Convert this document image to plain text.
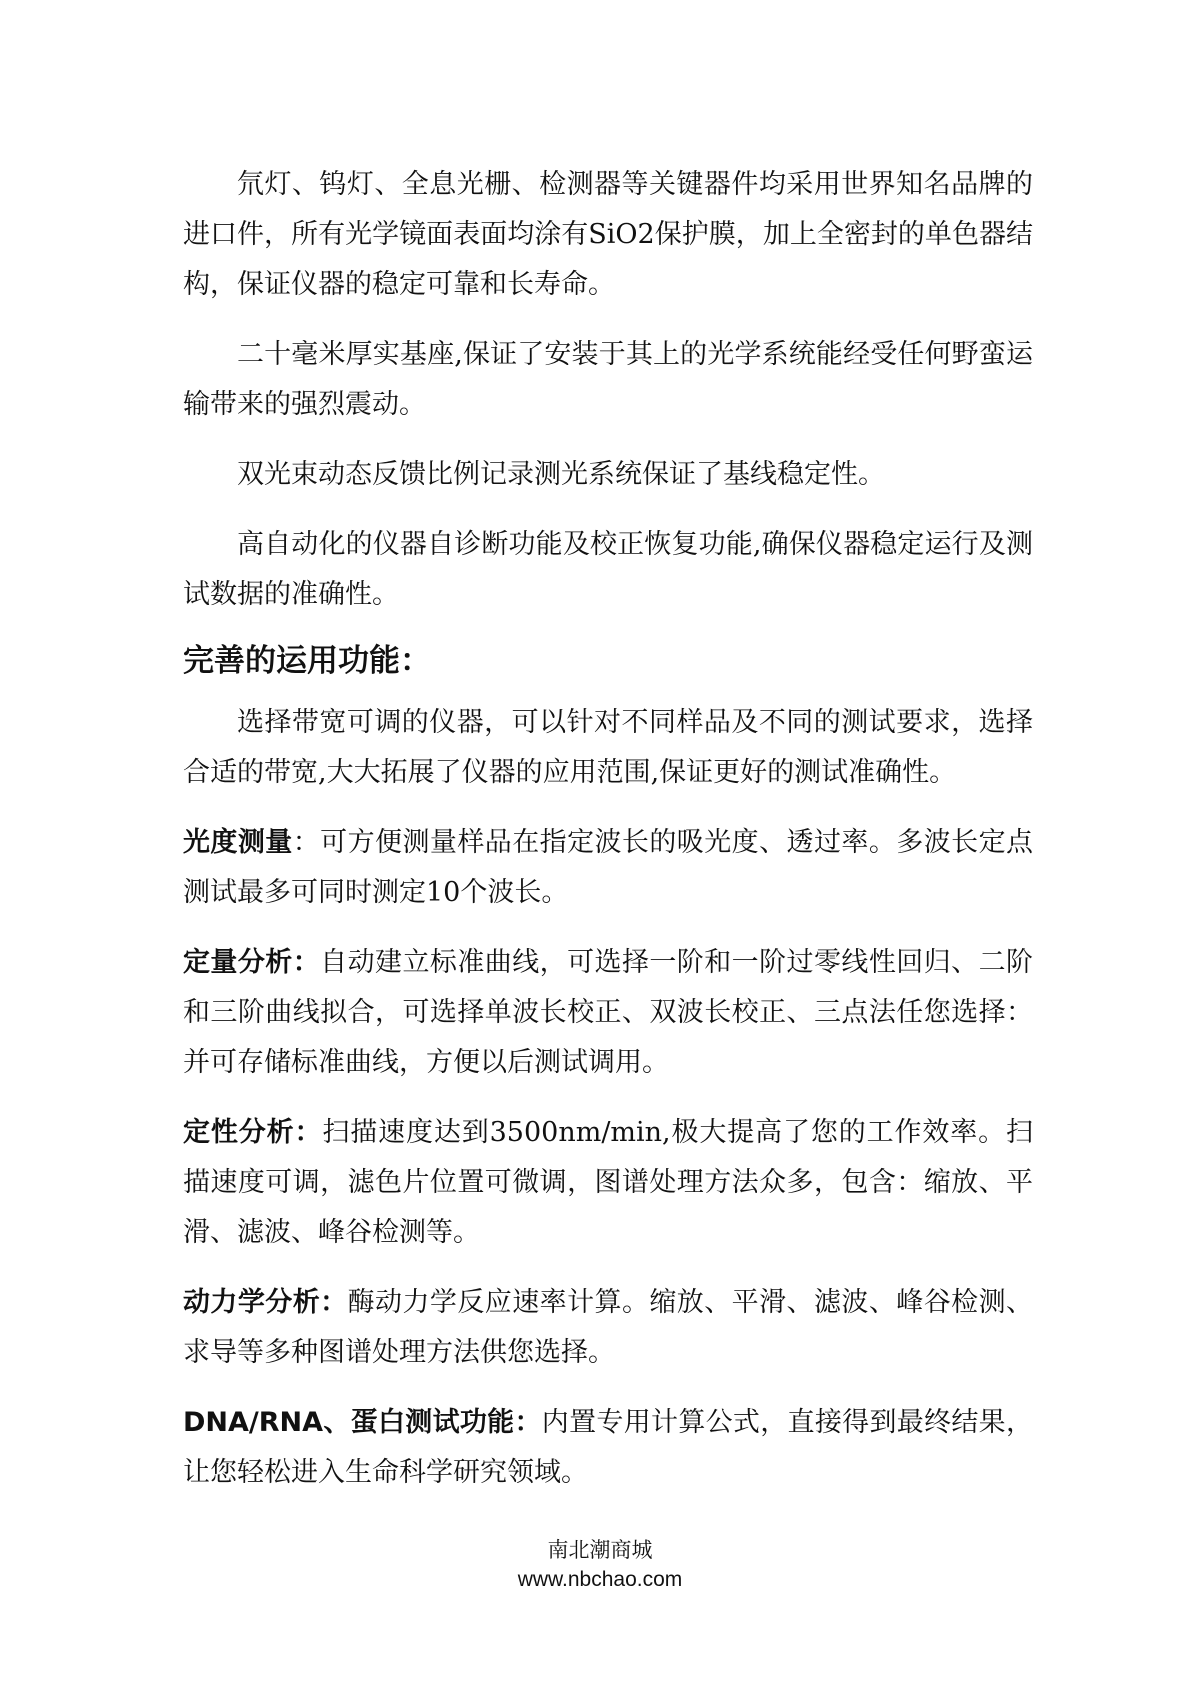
氘灯、钨灯、全息光栅、检测器等关键器件均采用世界知名品牌的进口件，所有光学镜面表面均涂有SiO2保护膜，加上全密封的单色器结构，保证仪器的稳定可靠和长寿命。

二十毫米厚实基座,保证了安装于其上的光学系统能经受任何野蛮运输带来的强烈震动。

双光束动态反馈比例记录测光系统保证了基线稳定性。

高自动化的仪器自诊断功能及校正恢复功能,确保仪器稳定运行及测试数据的准确性。

完善的运用功能：

选择带宽可调的仪器，可以针对不同样品及不同的测试要求，选择合适的带宽,大大拓展了仪器的应用范围,保证更好的测试准确性。

光度测量：可方便测量样品在指定波长的吸光度、透过率。多波长定点测试最多可同时测定10个波长。

定量分析：自动建立标准曲线，可选择一阶和一阶过零线性回归、二阶和三阶曲线拟合，可选择单波长校正、双波长校正、三点法任您选择：并可存储标准曲线，方便以后测试调用。

定性分析：扫描速度达到3500nm/min,极大提高了您的工作效率。扫描速度可调，滤色片位置可微调，图谱处理方法众多，包含：缩放、平滑、滤波、峰谷检测等。

动力学分析：酶动力学反应速率计算。缩放、平滑、滤波、峰谷检测、求导等多种图谱处理方法供您选择。

DNA/RNA、蛋白测试功能：内置专用计算公式，直接得到最终结果，让您轻松进入生命科学研究领域。

南北潮商城
www.nbchao.com
